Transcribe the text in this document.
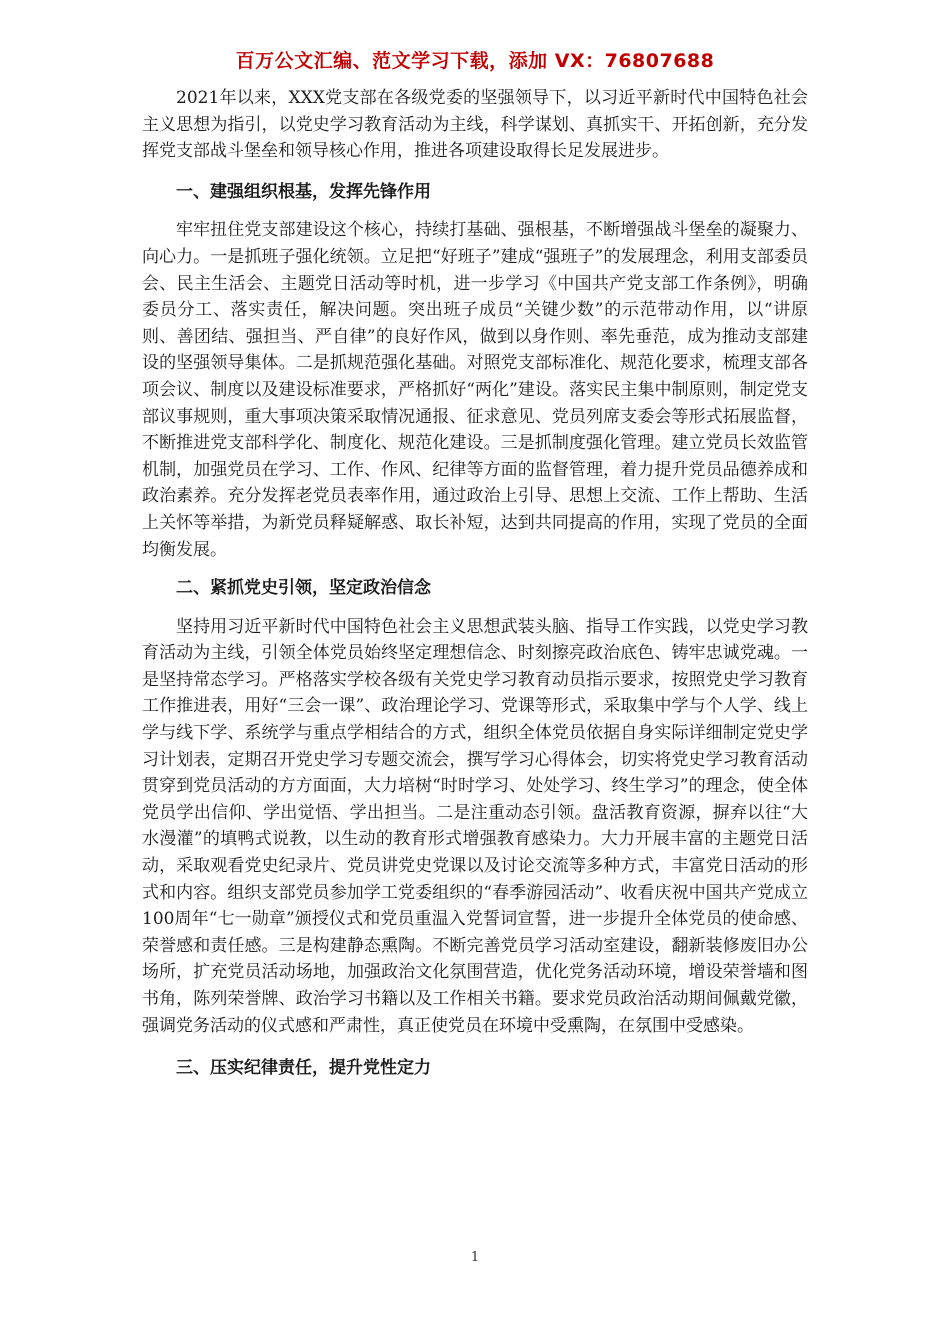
百万公文汇编、范文学习下载，添加 VX：76807688

2021年以来，XXX党支部在各级党委的坚强领导下，以习近平新时代中国特色社会主义思想为指引，以党史学习教育活动为主线，科学谋划、真抓实干、开拓创新，充分发挥党支部战斗堡垒和领导核心作用，推进各项建设取得长足发展进步。

一、建强组织根基，发挥先锋作用

牢牢扭住党支部建设这个核心，持续打基础、强根基，不断增强战斗堡垒的凝聚力、向心力。一是抓班子强化统领。立足把“好班子”建成“强班子”的发展理念，利用支部委员会、民主生活会、主题党日活动等时机，进一步学习《中国共产党支部工作条例》，明确委员分工、落实责任，解决问题。突出班子成员“关键少数”的示范带动作用，以“讲原则、善团结、强担当、严自律”的良好作风，做到以身作则、率先垂范，成为推动支部建设的坚强领导集体。二是抓规范强化基础。对照党支部标准化、规范化要求，梳理支部各项会议、制度以及建设标准要求，严格抓好“两化”建设。落实民主集中制原则，制定党支部议事规则，重大事项决策采取情况通报、征求意见、党员列席支委会等形式拓展监督，不断推进党支部科学化、制度化、规范化建设。三是抓制度强化管理。建立党员长效监管机制，加强党员在学习、工作、作风、纪律等方面的监督管理，着力提升党员品德养成和政治素养。充分发挥老党员表率作用，通过政治上引导、思想上交流、工作上帮助、生活上关怀等举措，为新党员释疑解惑、取长补短，达到共同提高的作用，实现了党员的全面均衡发展。

二、紧抓党史引领，坚定政治信念

坚持用习近平新时代中国特色社会主义思想武装头脑、指导工作实践，以党史学习教育活动为主线，引领全体党员始终坚定理想信念、时刻擦亮政治底色、铸牢忠诚党魂。一是坚持常态学习。严格落实学校各级有关党史学习教育动员指示要求，按照党史学习教育工作推进表，用好“三会一课”、政治理论学习、党课等形式，采取集中学与个人学、线上学与线下学、系统学与重点学相结合的方式，组织全体党员依据自身实际详细制定党史学习计划表，定期召开党史学习专题交流会，撰写学习心得体会，切实将党史学习教育活动贯穿到党员活动的方方面面，大力培树“时时学习、处处学习、终生学习”的理念，使全体党员学出信仰、学出觉悟、学出担当。二是注重动态引领。盘活教育资源，摒弃以往“大水漫灌”的填鸭式说教，以生动的教育形式增强教育感染力。大力开展丰富的主题党日活动，采取观看党史纪录片、党员讲党史党课以及讨论交流等多种方式，丰富党日活动的形式和内容。组织支部党员参加学工党委组织的“春季游园活动”、收看庆祝中国共产党成立100周年“七一勋章”颁授仪式和党员重温入党誓词宣誓，进一步提升全体党员的使命感、荣誉感和责任感。三是构建静态熏陶。不断完善党员学习活动室建设，翻新装修废旧办公场所，扩充党员活动场地，加强政治文化氛围营造，优化党务活动环境，增设荣誉墙和图书角，陈列荣誉牌、政治学习书籍以及工作相关书籍。要求党员政治活动期间佩戴党徽，强调党务活动的仪式感和严肃性，真正使党员在环境中受熏陶，在氛围中受感染。

三、压实纪律责任，提升党性定力

1
